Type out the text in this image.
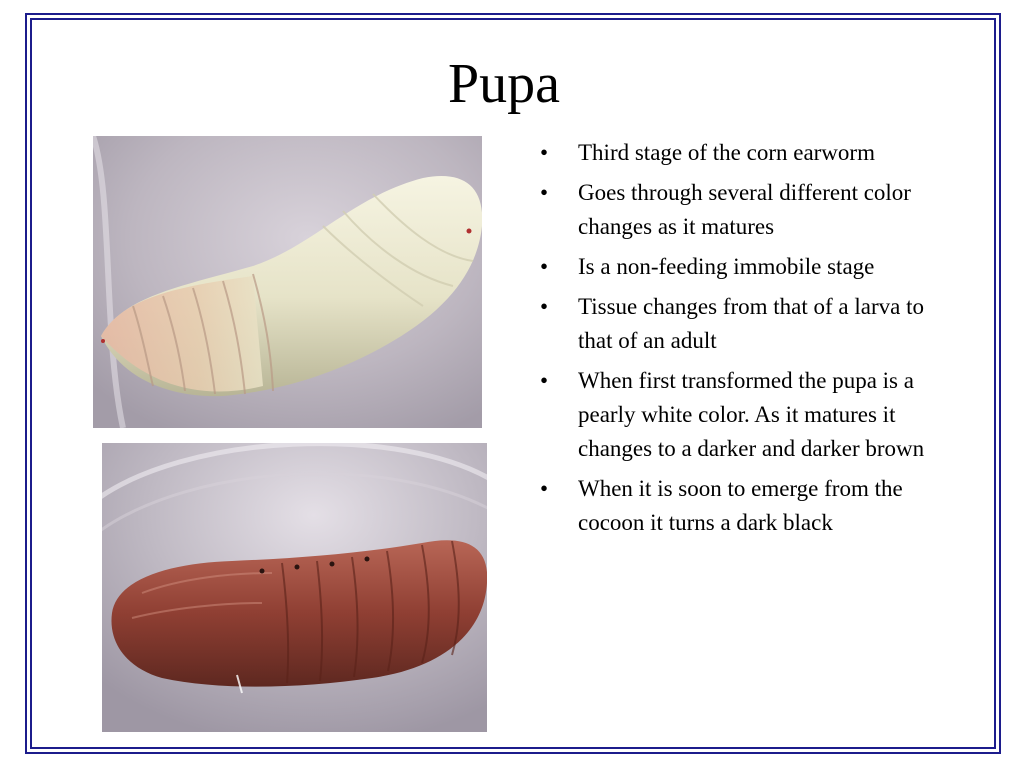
Pupa
•	Third stage of the corn earworm
•	Goes through several different color changes as it matures
•	Is a non-feeding immobile stage
•	Tissue changes from that of a larva to that of an adult
•	When first transformed the pupa is a pearly white color. As it matures it changes to a darker and darker brown
•	When it is soon to emerge from the cocoon it turns a dark black
